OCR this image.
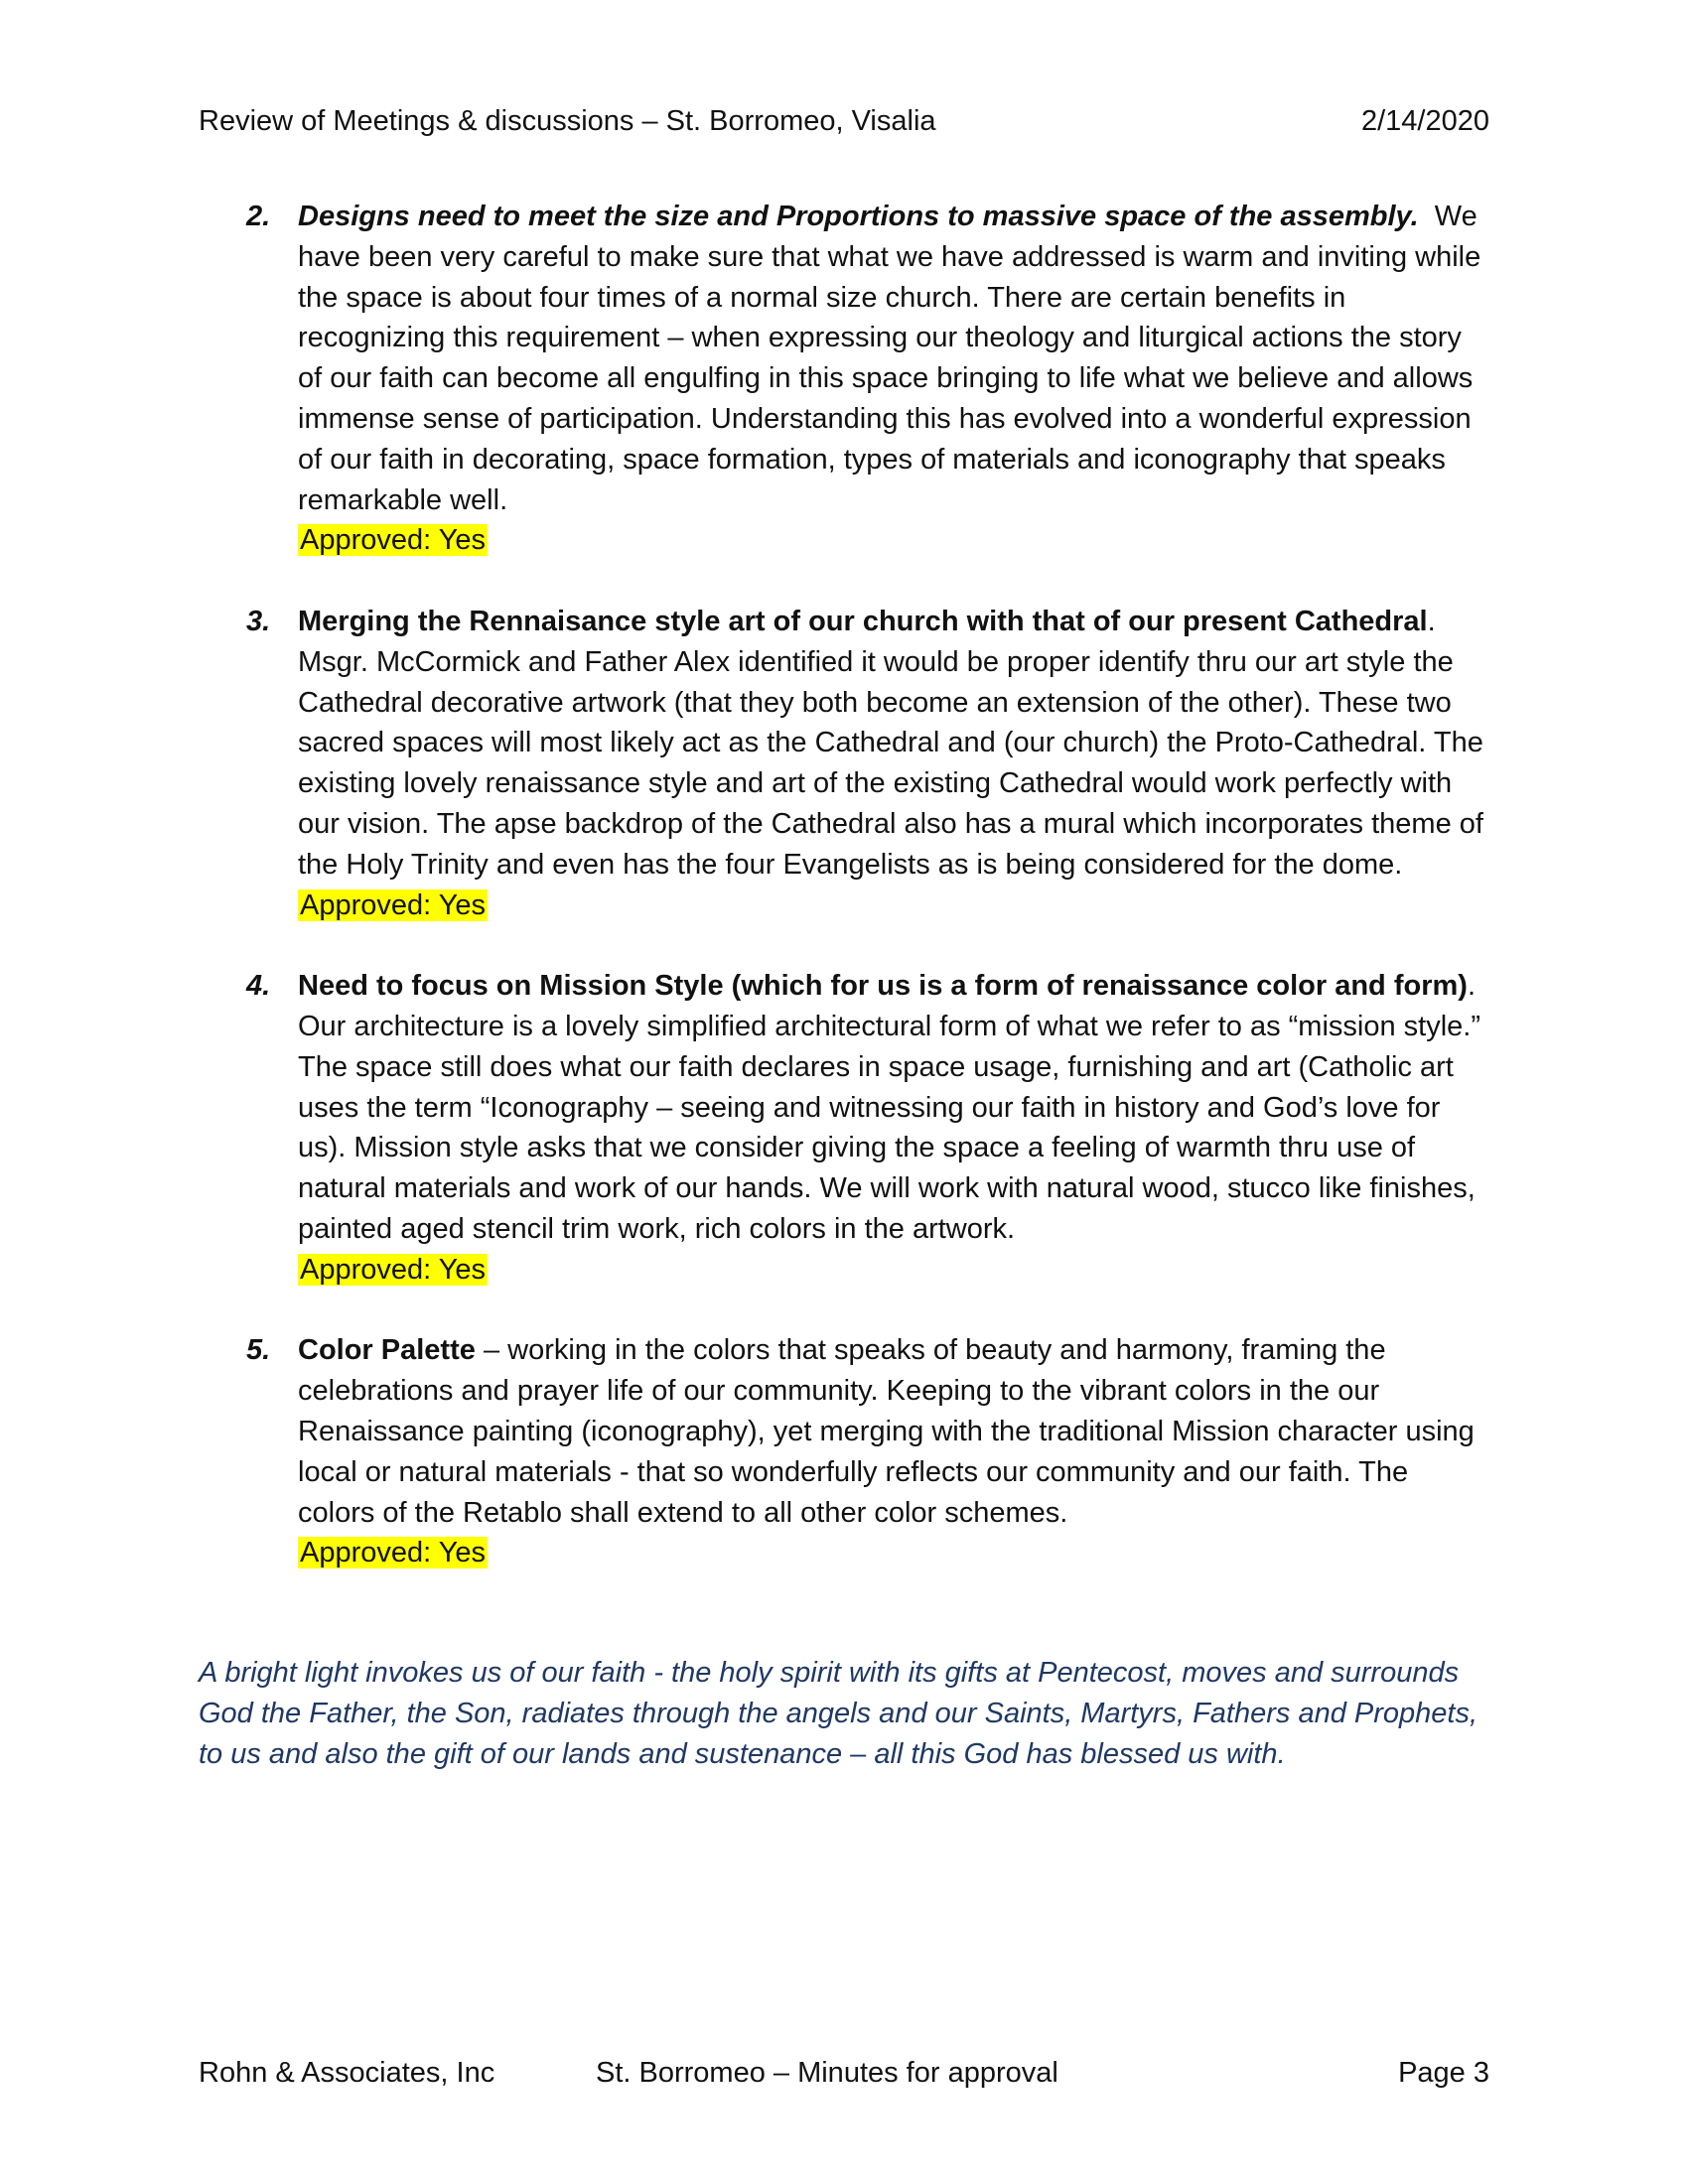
Review of Meetings & discussions – St. Borromeo, Visalia	2/14/2020
2. Designs need to meet the size and Proportions to massive space of the assembly. We have been very careful to make sure that what we have addressed is warm and inviting while the space is about four times of a normal size church. There are certain benefits in recognizing this requirement – when expressing our theology and liturgical actions the story of our faith can become all engulfing in this space bringing to life what we believe and allows immense sense of participation. Understanding this has evolved into a wonderful expression of our faith in decorating, space formation, types of materials and iconography that speaks remarkable well.
Approved: Yes
3. Merging the Rennaisance style art of our church with that of our present Cathedral. Msgr. McCormick and Father Alex identified it would be proper identify thru our art style the Cathedral decorative artwork (that they both become an extension of the other). These two sacred spaces will most likely act as the Cathedral and (our church) the Proto-Cathedral. The existing lovely renaissance style and art of the existing Cathedral would work perfectly with our vision. The apse backdrop of the Cathedral also has a mural which incorporates theme of the Holy Trinity and even has the four Evangelists as is being considered for the dome.
Approved: Yes
4. Need to focus on Mission Style (which for us is a form of renaissance color and form). Our architecture is a lovely simplified architectural form of what we refer to as “mission style.” The space still does what our faith declares in space usage, furnishing and art (Catholic art uses the term “Iconography – seeing and witnessing our faith in history and God’s love for us). Mission style asks that we consider giving the space a feeling of warmth thru use of natural materials and work of our hands. We will work with natural wood, stucco like finishes, painted aged stencil trim work, rich colors in the artwork.
Approved: Yes
5. Color Palette – working in the colors that speaks of beauty and harmony, framing the celebrations and prayer life of our community. Keeping to the vibrant colors in the our Renaissance painting (iconography), yet merging with the traditional Mission character using local or natural materials - that so wonderfully reflects our community and our faith. The colors of the Retablo shall extend to all other color schemes.
Approved: Yes
A bright light invokes us of our faith - the holy spirit with its gifts at Pentecost, moves and surrounds God the Father, the Son, radiates through the angels and our Saints, Martyrs, Fathers and Prophets, to us and also the gift of our lands and sustenance – all this God has blessed us with.
Rohn & Associates, Inc	St. Borromeo – Minutes for approval	Page 3
